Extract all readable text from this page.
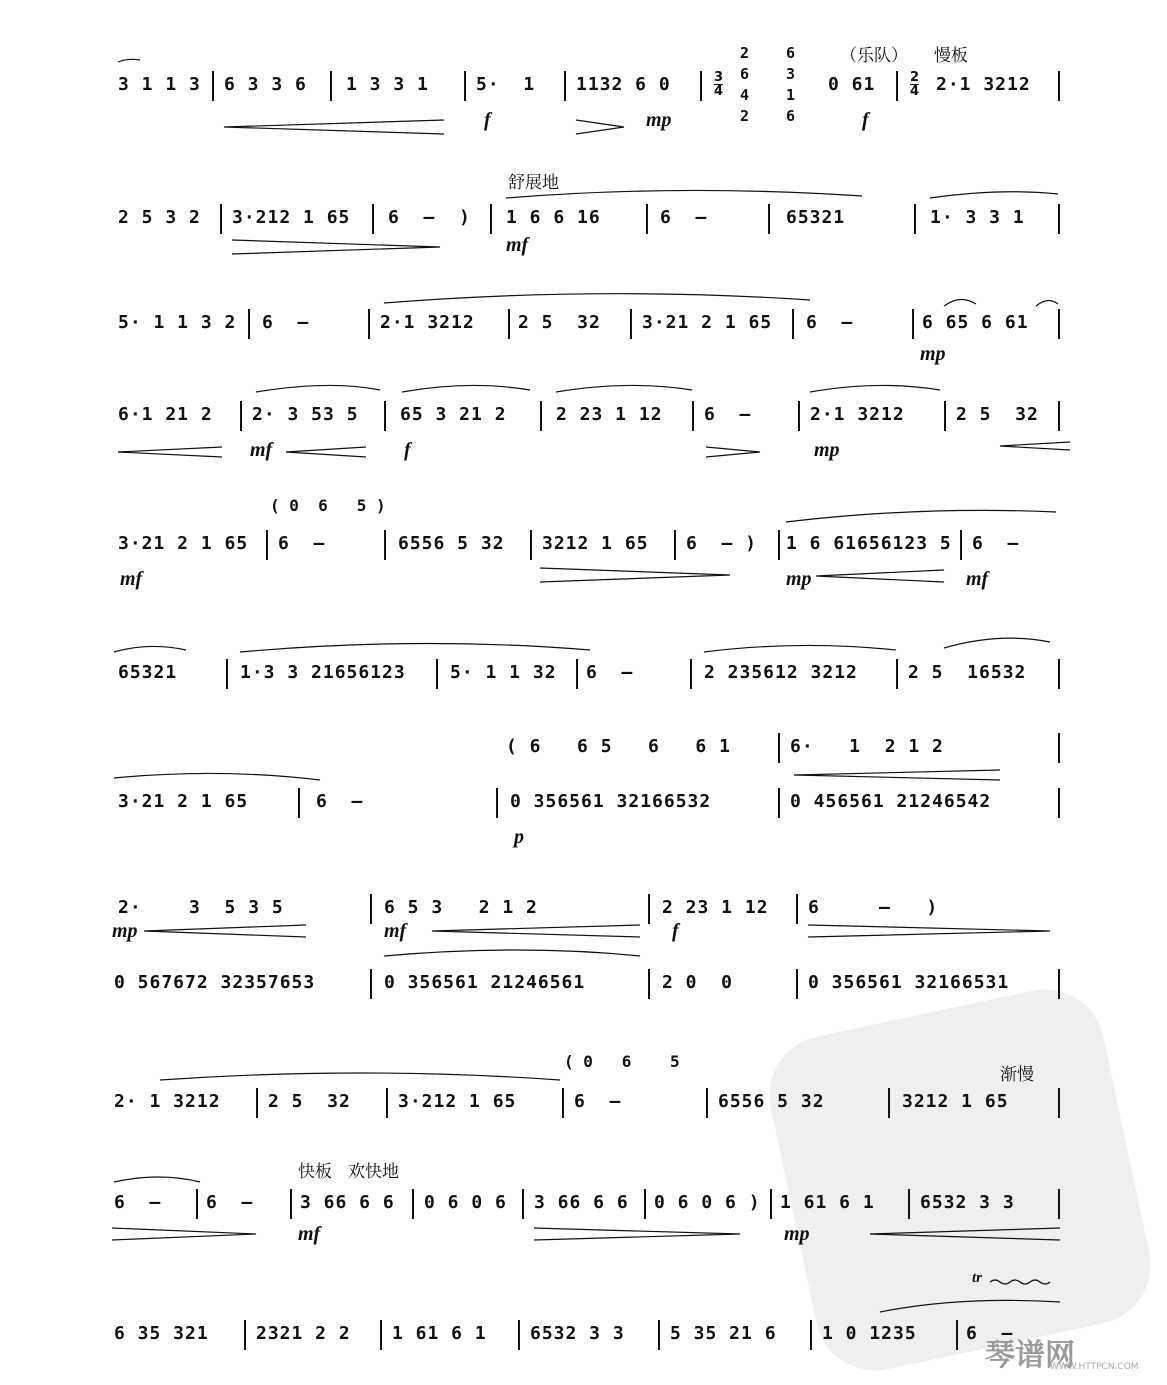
3 1 1 3 6 3 3 6 1 3 3 1	5·  1 1132 6 0	3
4
2
6
4
2
6
3
1
6
（乐队） 慢板
0 61	2
4 2·1 3212
f	mp	f
舒展地
2 5 3 2 3·212 1 65 6  –  ) 1 6 6 16	6  –	65321	1· 3 3 1
mf
5· 1 1 3 2 6  –	2·1 3212 2 5  32 3·21 2 1 65 6  –	6 65 6 61
mp
6·1 21 2 2· 3 53 5 65 3 21 2	2 23 1 12 6  –	2·1 3212	2 5  32
mf	f	mp
( 0  6   5 )
3·21 2 1 65 6  –	6556 5 32 3212 1 65 6  – ) 1 6 61656123 5 6  –
mf	mp	mf
65321	1·3 3 21656123 5· 1 1 32 6  –	2 235612 3212	2 5  16532
( 6   6 5   6   6 1	6·   1  2 1 2
3·21 2 1 65	6  –	0 356561 32166532	0 456561 21246542
p
2·    3  5 3 5	6 5 3   2 1 2	2 23 1 12 6     –   )
mp	mf	f
0 567672 32357653	0 356561 21246561	2 0  0	0 356561 32166531
( 0   6    5
渐慢
2· 1 3212	2 5  32	3·212 1 65	6  –	6556 5 32	3212 1 65
快板 欢快地
6  – 6  –	3 66 6 6 0 6 0 6 3 66 6 6 0 6 0 6 ) 1 61 6 1	6532 3 3
mf	mp
tr
6 35 321	2321 2 2 1 61 6 1 6532 3 3	5 35 21 6	1 0 1235	6  –
琴谱网
WWW.HTTPCN.COM
